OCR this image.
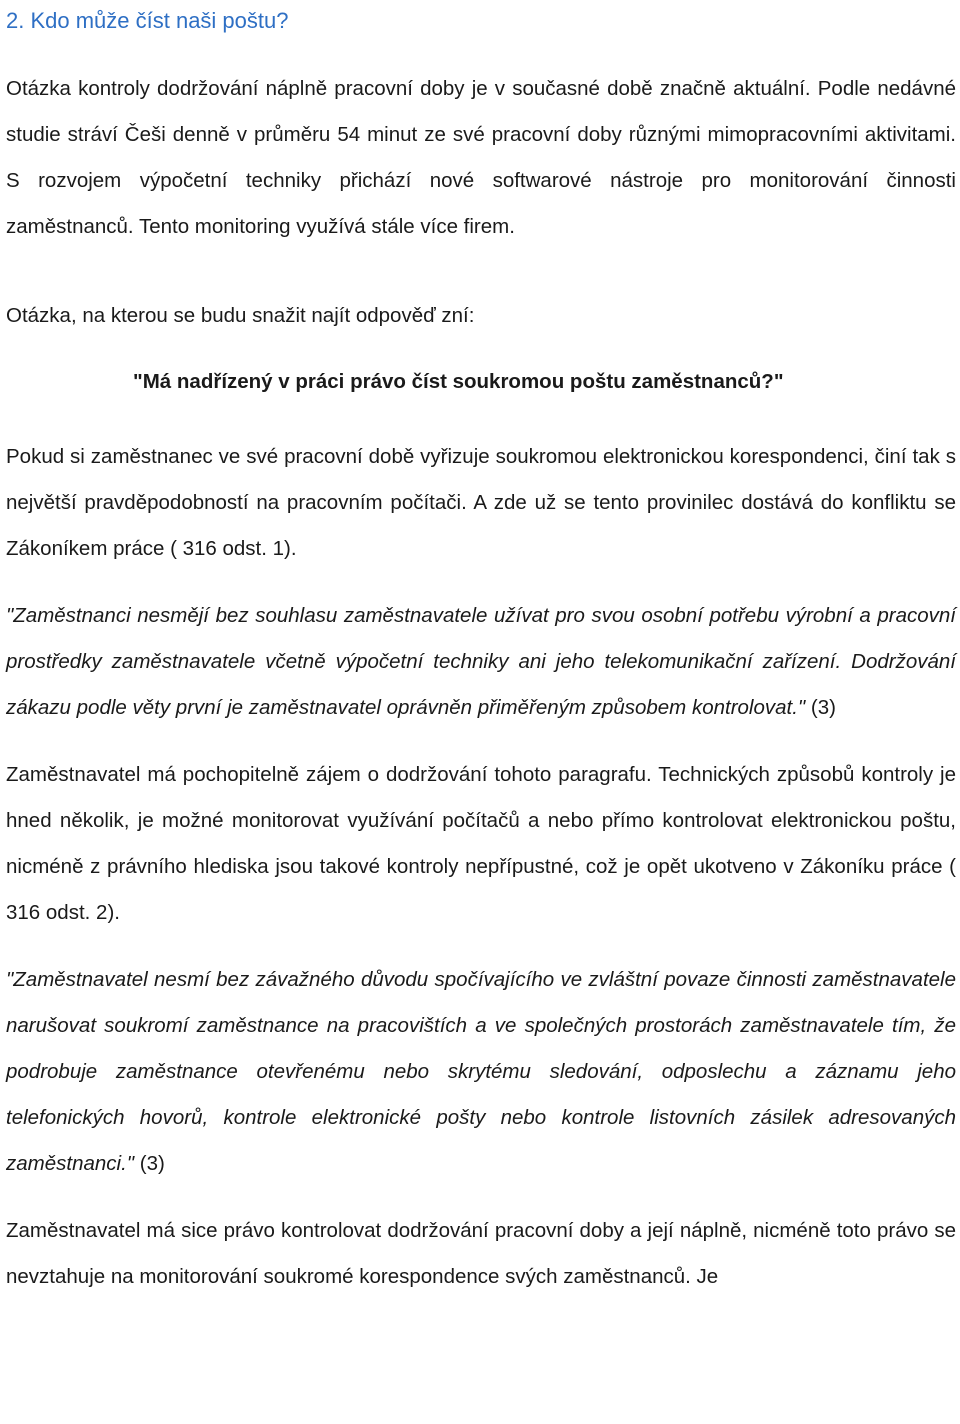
2. Kdo může číst naši poštu?

Otázka kontroly dodržování náplně pracovní doby je v současné době značně aktuální. Podle nedávné studie stráví Češi denně v průměru 54 minut ze své pracovní doby různými mimopracovními aktivitami. S rozvojem výpočetní techniky přichází nové softwarové nástroje pro monitorování činnosti zaměstnanců. Tento monitoring využívá stále více firem.

Otázka, na kterou se budu snažit najít odpověď zní:

"Má nadřízený v práci právo číst soukromou poštu zaměstnanců?"

Pokud si zaměstnanec ve své pracovní době vyřizuje soukromou elektronickou korespondenci, činí tak s největší pravděpodobností na pracovním počítači. A zde už se tento provinilec dostává do konfliktu se Zákoníkem práce ( 316 odst. 1).

"Zaměstnanci nesmějí bez souhlasu zaměstnavatele užívat pro svou osobní potřebu výrobní a pracovní prostředky zaměstnavatele včetně výpočetní techniky ani jeho telekomunikační zařízení. Dodržování zákazu podle věty první je zaměstnavatel oprávněn přiměřeným způsobem kontrolovat." (3)

Zaměstnavatel má pochopitelně zájem o dodržování tohoto paragrafu. Technických způsobů kontroly je hned několik, je možné monitorovat využívání počítačů a nebo přímo kontrolovat elektronickou poštu, nicméně z právního hlediska jsou takové kontroly nepřípustné, což je opět ukotveno v Zákoníku práce ( 316 odst. 2).

"Zaměstnavatel nesmí bez závažného důvodu spočívajícího ve zvláštní povaze činnosti zaměstnavatele narušovat soukromí zaměstnance na pracovištích a ve společných prostorách zaměstnavatele tím, že podrobuje zaměstnance otevřenému nebo skrytému sledování, odposlechu a záznamu jeho telefonických hovorů, kontrole elektronické pošty nebo kontrole listovních zásilek adresovaných zaměstnanci." (3)

Zaměstnavatel má sice právo kontrolovat dodržování pracovní doby a její náplně, nicméně toto právo se nevztahuje na monitorování soukromé korespondence svých zaměstnanců. Je
